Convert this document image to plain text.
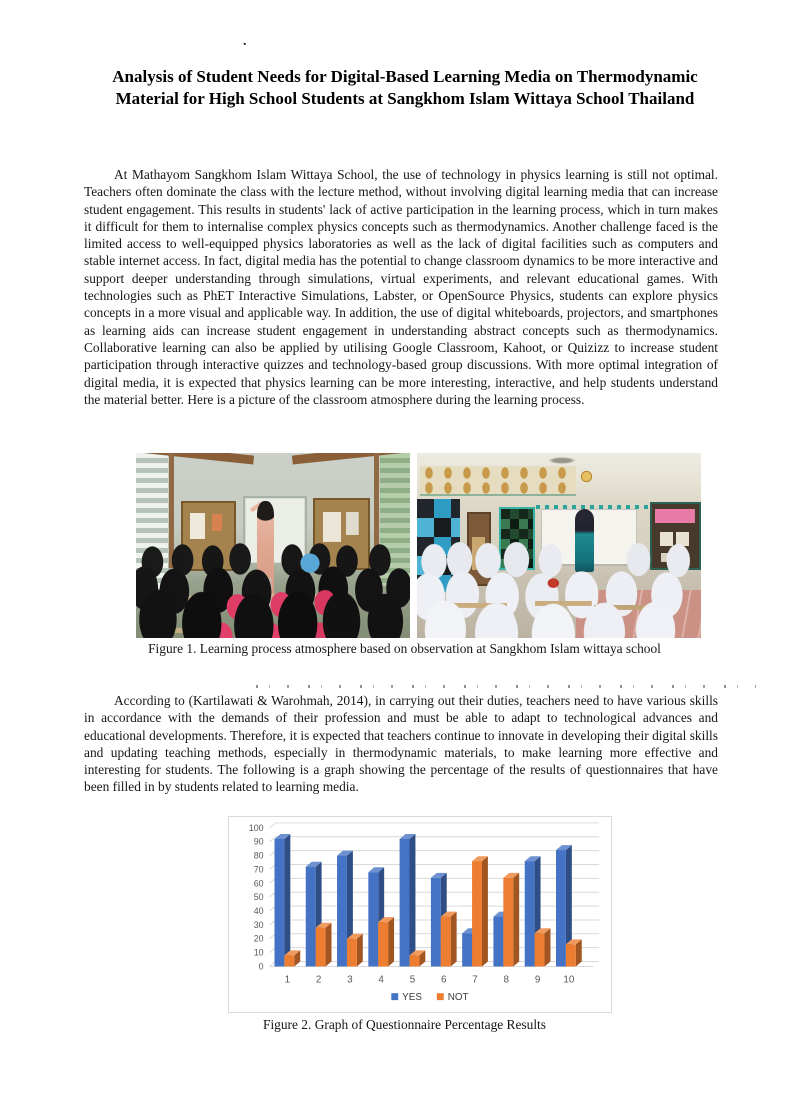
.
Analysis of Student Needs for Digital-Based Learning Media on Thermodynamic Material for High School Students at Sangkhom Islam Wittaya School Thailand
At Mathayom Sangkhom Islam Wittaya School, the use of technology in physics learning is still not optimal. Teachers often dominate the class with the lecture method, without involving digital learning media that can increase student engagement. This results in students' lack of active participation in the learning process, which in turn makes it difficult for them to internalise complex physics concepts such as thermodynamics. Another challenge faced is the limited access to well-equipped physics laboratories as well as the lack of digital facilities such as computers and stable internet access. In fact, digital media has the potential to change classroom dynamics to be more interactive and support deeper understanding through simulations, virtual experiments, and relevant educational games. With technologies such as PhET Interactive Simulations, Labster, or OpenSource Physics, students can explore physics concepts in a more visual and applicable way. In addition, the use of digital whiteboards, projectors, and smartphones as learning aids can increase student engagement in understanding abstract concepts such as thermodynamics. Collaborative learning can also be applied by utilising Google Classroom, Kahoot, or Quizizz to increase student participation through interactive quizzes and technology-based group discussions. With more optimal integration of digital media, it is expected that physics learning can be more interesting, interactive, and help students understand the material better. Here is a picture of the classroom atmosphere during the learning process.
Figure 1. Learning process atmosphere based on observation at Sangkhom Islam wittaya school
According to (Kartilawati & Warohmah, 2014), in carrying out their duties, teachers need to have various skills in accordance with the demands of their profession and must be able to adapt to technological advances and educational developments. Therefore, it is expected that teachers continue to innovate in developing their digital skills and updating teaching methods, especially in thermodynamic materials, to make learning more effective and interesting for students. The following is a graph showing the percentage of the results of questionnaires that have been filled in by students related to learning media.
0
10
20
30
40
50
60
70
80
90
100
1	2	3	4	5	6	7	8	9 10
YES	NOT
Figure 2. Graph of Questionnaire Percentage Results
